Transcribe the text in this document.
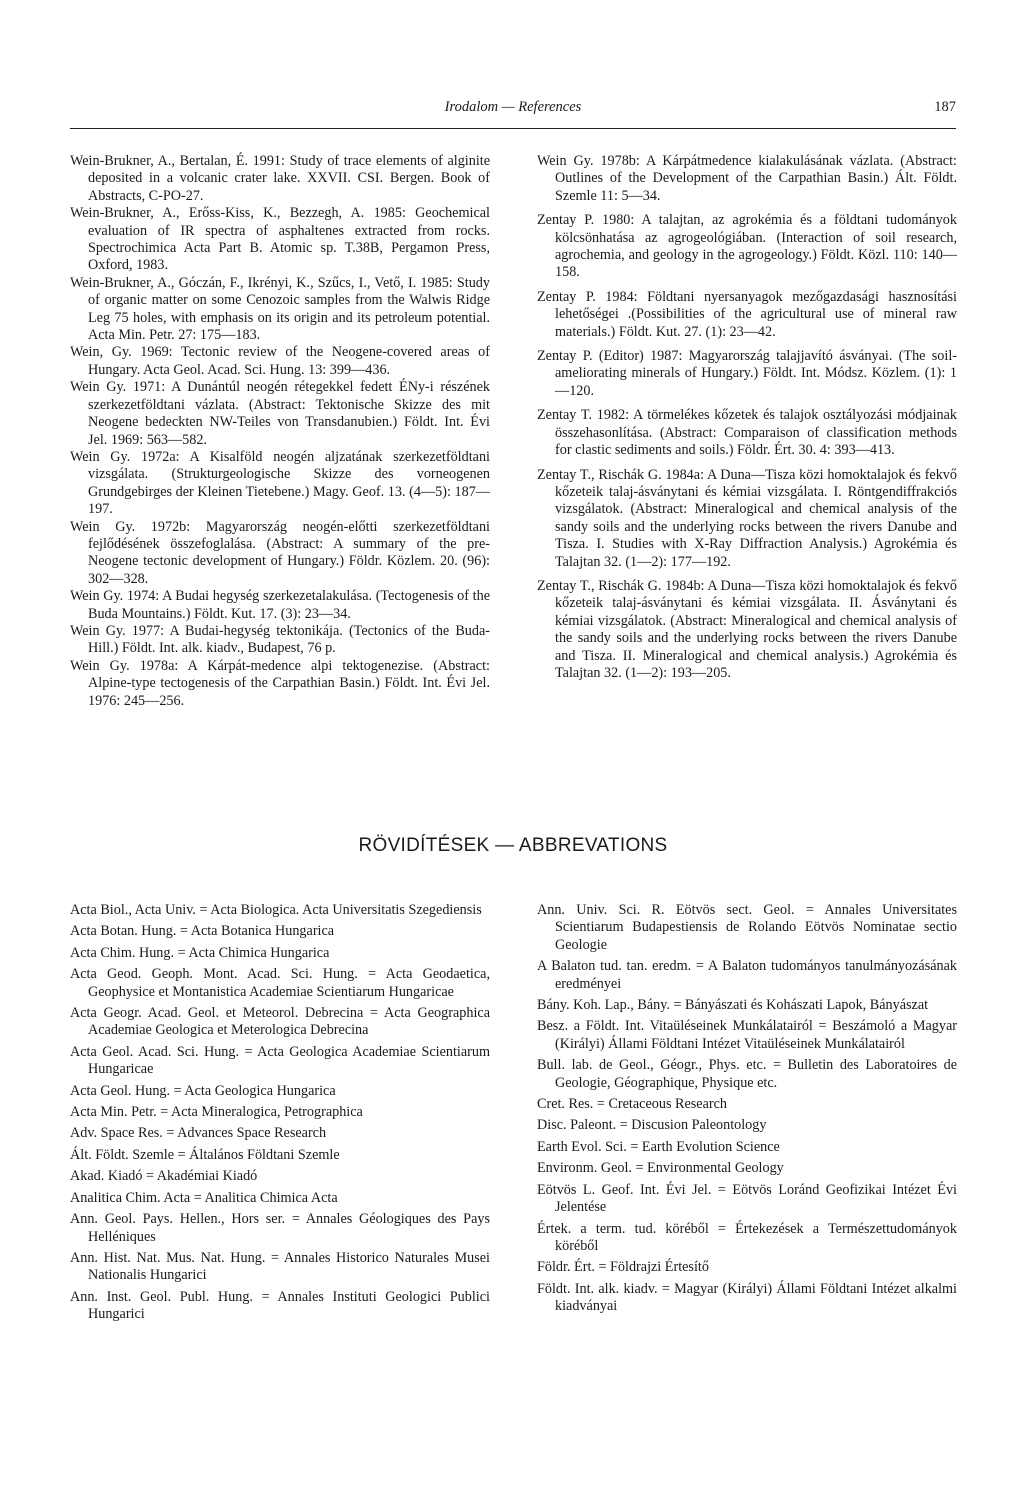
Irodalom — References	187

Wein-Brukner, A., Bertalan, É. 1991: Study of trace elements of alginite deposited in a volcanic crater lake. XXVII. CSI. Bergen. Book of Abstracts, C-PO-27.

Wein-Brukner, A., Erőss-Kiss, K., Bezzegh, A. 1985: Geochemical evaluation of IR spectra of asphaltenes extracted from rocks. Spectrochimica Acta Part B. Atomic sp. T.38B, Pergamon Press, Oxford, 1983.

Wein-Brukner, A., Góczán, F., Ikrényi, K., Szűcs, I., Vető, I. 1985: Study of organic matter on some Cenozoic samples from the Walwis Ridge Leg 75 holes, with emphasis on its origin and its petroleum potential. Acta Min. Petr. 27: 175—183.

Wein, Gy. 1969: Tectonic review of the Neogene-covered areas of Hungary. Acta Geol. Acad. Sci. Hung. 13: 399—436.

Wein Gy. 1971: A Dunántúl neogén rétegekkel fedett ÉNy-i részének szerkezetföldtani vázlata. (Abstract: Tektonische Skizze des mit Neogene bedeckten NW-Teiles von Transdanubien.) Földt. Int. Évi Jel. 1969: 563—582.

Wein Gy. 1972a: A Kisalföld neogén aljzatának szerkezetföldtani vizsgálata. (Strukturgeologische Skizze des vorneogenen Grundgebirges der Kleinen Tietebene.) Magy. Geof. 13. (4—5): 187—197.

Wein Gy. 1972b: Magyarország neogén-előtti szerkezetföldtani fejlődésének összefoglalása. (Abstract: A summary of the pre-Neogene tectonic development of Hungary.) Földr. Közlem. 20. (96): 302—328.

Wein Gy. 1974: A Budai hegység szerkezetalakulása. (Tectogenesis of the Buda Mountains.) Földt. Kut. 17. (3): 23—34.

Wein Gy. 1977: A Budai-hegység tektonikája. (Tectonics of the Buda-Hill.) Földt. Int. alk. kiadv., Budapest, 76 p.

Wein Gy. 1978a: A Kárpát-medence alpi tektogenezise. (Abstract: Alpine-type tectogenesis of the Carpathian Basin.) Földt. Int. Évi Jel. 1976: 245—256.

Wein Gy. 1978b: A Kárpátmedence kialakulásának vázlata. (Abstract: Outlines of the Development of the Carpathian Basin.) Ált. Földt. Szemle 11: 5—34.

Zentay P. 1980: A talajtan, az agrokémia és a földtani tudományok kölcsönhatása az agrogeológiában. (Interaction of soil research, agrochemia, and geology in the agrogeology.) Földt. Közl. 110: 140—158.

Zentay P. 1984: Földtani nyersanyagok mezőgazdasági hasznosítási lehetőségei .(Possibilities of the agricultural use of mineral raw materials.) Földt. Kut. 27. (1): 23—42.

Zentay P. (Editor) 1987: Magyarország talajjavító ásványai. (The soil-ameliorating minerals of Hungary.) Földt. Int. Módsz. Közlem. (1): 1—120.

Zentay T. 1982: A törmelékes kőzetek és talajok osztályozási módjainak összehasonlítása. (Abstract: Comparaison of classification methods for clastic sediments and soils.) Földr. Ért. 30. 4: 393—413.

Zentay T., Rischák G. 1984a: A Duna—Tisza közi homoktalajok és fekvő kőzeteik talaj-ásványtani és kémiai vizsgálata. I. Röntgendiffrakciós vizsgálatok. (Abstract: Mineralogical and chemical analysis of the sandy soils and the underlying rocks between the rivers Danube and Tisza. I. Studies with X-Ray Diffraction Analysis.) Agrokémia és Talajtan 32. (1—2): 177—192.

Zentay T., Rischák G. 1984b: A Duna—Tisza közi homoktalajok és fekvő kőzeteik talaj-ásványtani és kémiai vizsgálata. II. Ásványtani és kémiai vizsgálatok. (Abstract: Mineralogical and chemical analysis of the sandy soils and the underlying rocks between the rivers Danube and Tisza. II. Mineralogical and chemical analysis.) Agrokémia és Talajtan 32. (1—2): 193—205.

RÖVIDÍTÉSEK — ABBREVATIONS

Acta Biol., Acta Univ. = Acta Biologica. Acta Universitatis Szegediensis

Acta Botan. Hung. = Acta Botanica Hungarica

Acta Chim. Hung. = Acta Chimica Hungarica

Acta Geod. Geoph. Mont. Acad. Sci. Hung. = Acta Geodaetica, Geophysice et Montanistica Academiae Scientiarum Hungaricae

Acta Geogr. Acad. Geol. et Meteorol. Debrecina = Acta Geographica Academiae Geologica et Meterologica Debrecina

Acta Geol. Acad. Sci. Hung. = Acta Geologica Academiae Scientiarum Hungaricae

Acta Geol. Hung. = Acta Geologica Hungarica

Acta Min. Petr. = Acta Mineralogica, Petrographica

Adv. Space Res. = Advances Space Research

Ált. Földt. Szemle = Általános Földtani Szemle

Akad. Kiadó = Akadémiai Kiadó

Analitica Chim. Acta = Analitica Chimica Acta

Ann. Geol. Pays. Hellen., Hors ser. = Annales Géologiques des Pays Helléniques

Ann. Hist. Nat. Mus. Nat. Hung. = Annales Historico Naturales Musei Nationalis Hungarici

Ann. Inst. Geol. Publ. Hung. = Annales Instituti Geologici Publici Hungarici

Ann. Univ. Sci. R. Eötvös sect. Geol. = Annales Universitates Scientiarum Budapestiensis de Rolando Eötvös Nominatae sectio Geologie

A Balaton tud. tan. eredm. = A Balaton tudományos tanulmányozásának eredményei

Bány. Koh. Lap., Bány. = Bányászati és Kohászati Lapok, Bányászat

Besz. a Földt. Int. Vitaüléseinek Munkálatairól = Beszámoló a Magyar (Királyi) Állami Földtani Intézet Vitaüléseinek Munkálatairól

Bull. lab. de Geol., Géogr., Phys. etc. = Bulletin des Laboratoires de Geologie, Géographique, Physique etc.

Cret. Res. = Cretaceous Research

Disc. Paleont. = Discusion Paleontology

Earth Evol. Sci. = Earth Evolution Science

Environm. Geol. = Environmental Geology

Eötvös L. Geof. Int. Évi Jel. = Eötvös Loránd Geofizikai Intézet Évi Jelentése

Értek. a term. tud. köréből = Értekezések a Természettudományok köréből

Földr. Ért. = Földrajzi Értesítő

Földt. Int. alk. kiadv. = Magyar (Királyi) Állami Földtani Intézet alkalmi kiadványai
